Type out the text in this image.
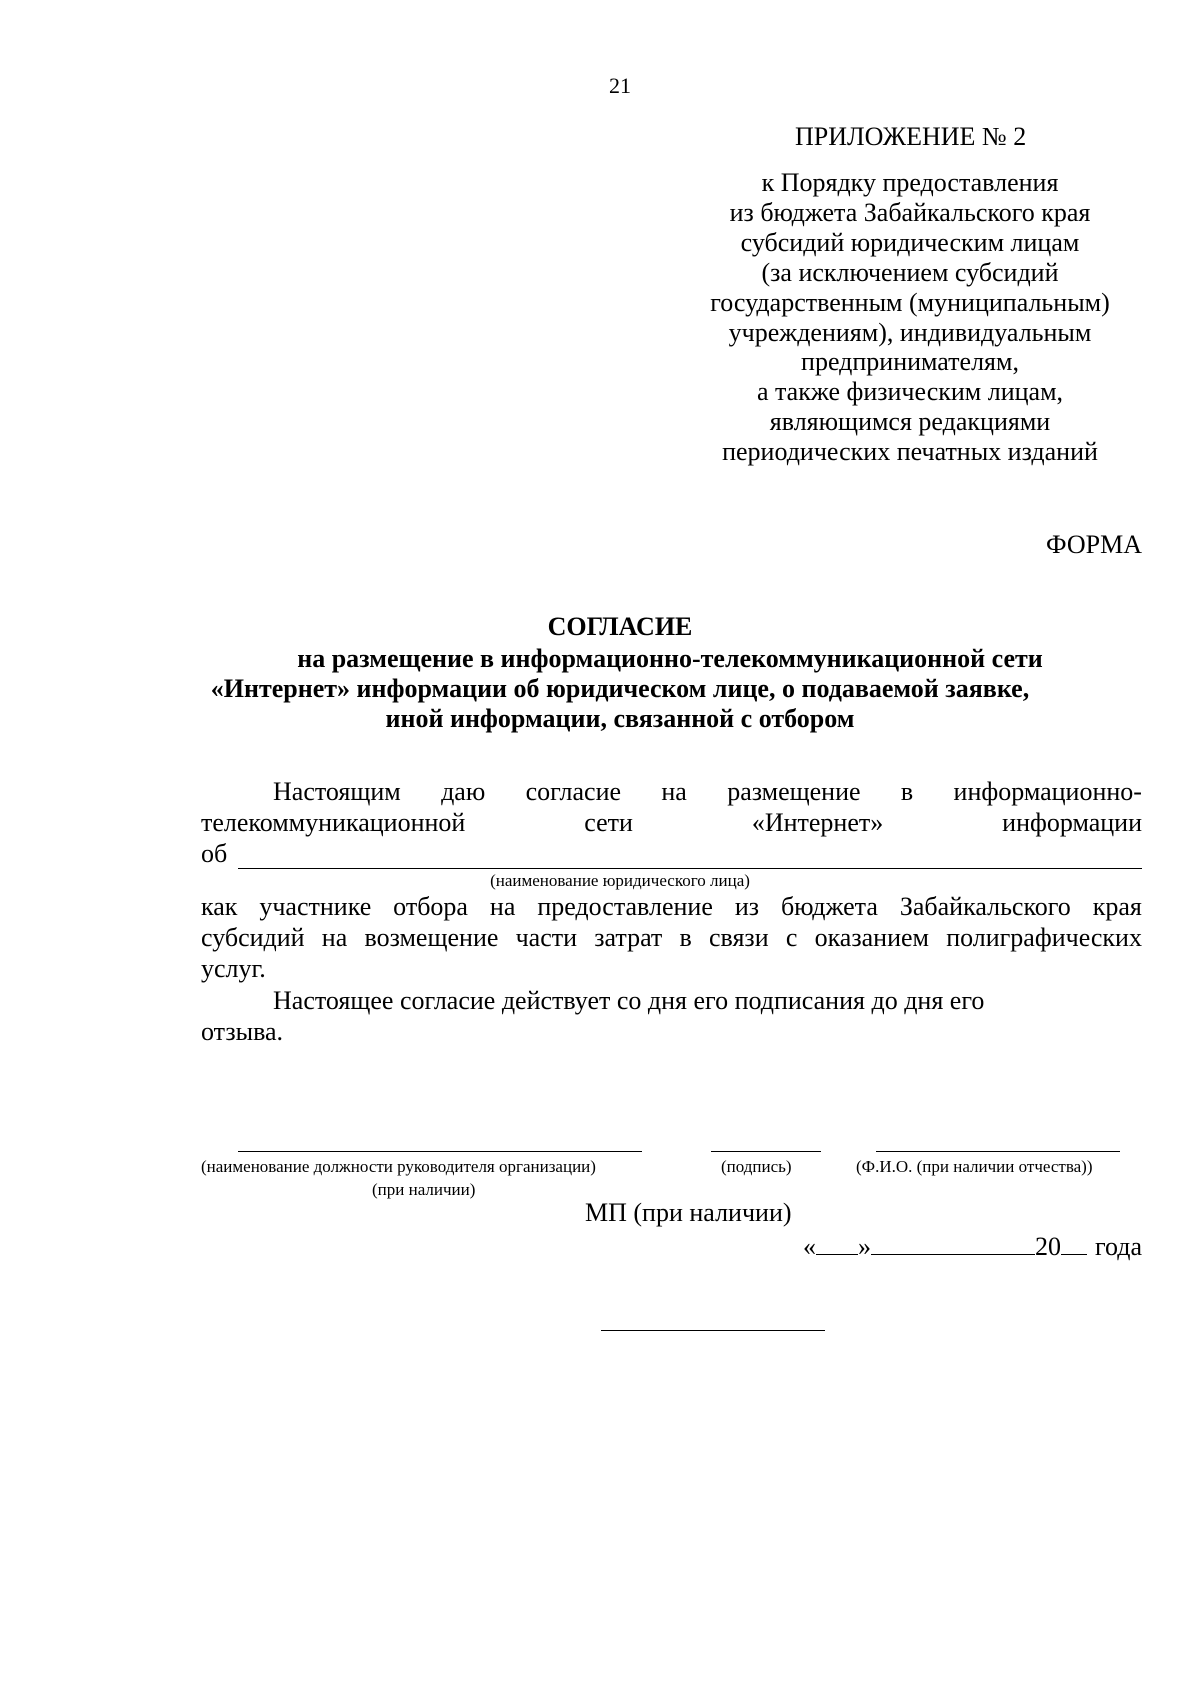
21
ПРИЛОЖЕНИЕ № 2
к Порядку предоставления
из бюджета Забайкальского края
субсидий юридическим лицам
(за исключением субсидий
государственным (муниципальным)
учреждениям), индивидуальным
предпринимателям,
а также физическим лицам,
являющимся редакциями
периодических печатных изданий
ФОРМА
СОГЛАСИЕ
на размещение в информационно-телекоммуникационной сети
«Интернет» информации об юридическом лице, о подаваемой заявке,
иной информации, связанной с отбором
Настоящим даю согласие на размещение в информационно-
телекоммуникационной	сети	«Интернет»	информации
об
(наименование юридического лица)
как участнике отбора на предоставление из бюджета Забайкальского края
субсидий на возмещение части затрат в связи с оказанием полиграфических
услуг.
Настоящее согласие действует со дня его подписания до дня его
отзыва.
(наименование должности руководителя организации)
(при наличии)
(подпись)	(Ф.И.О. (при наличии отчества))
МП (при наличии)
« »	20 года
